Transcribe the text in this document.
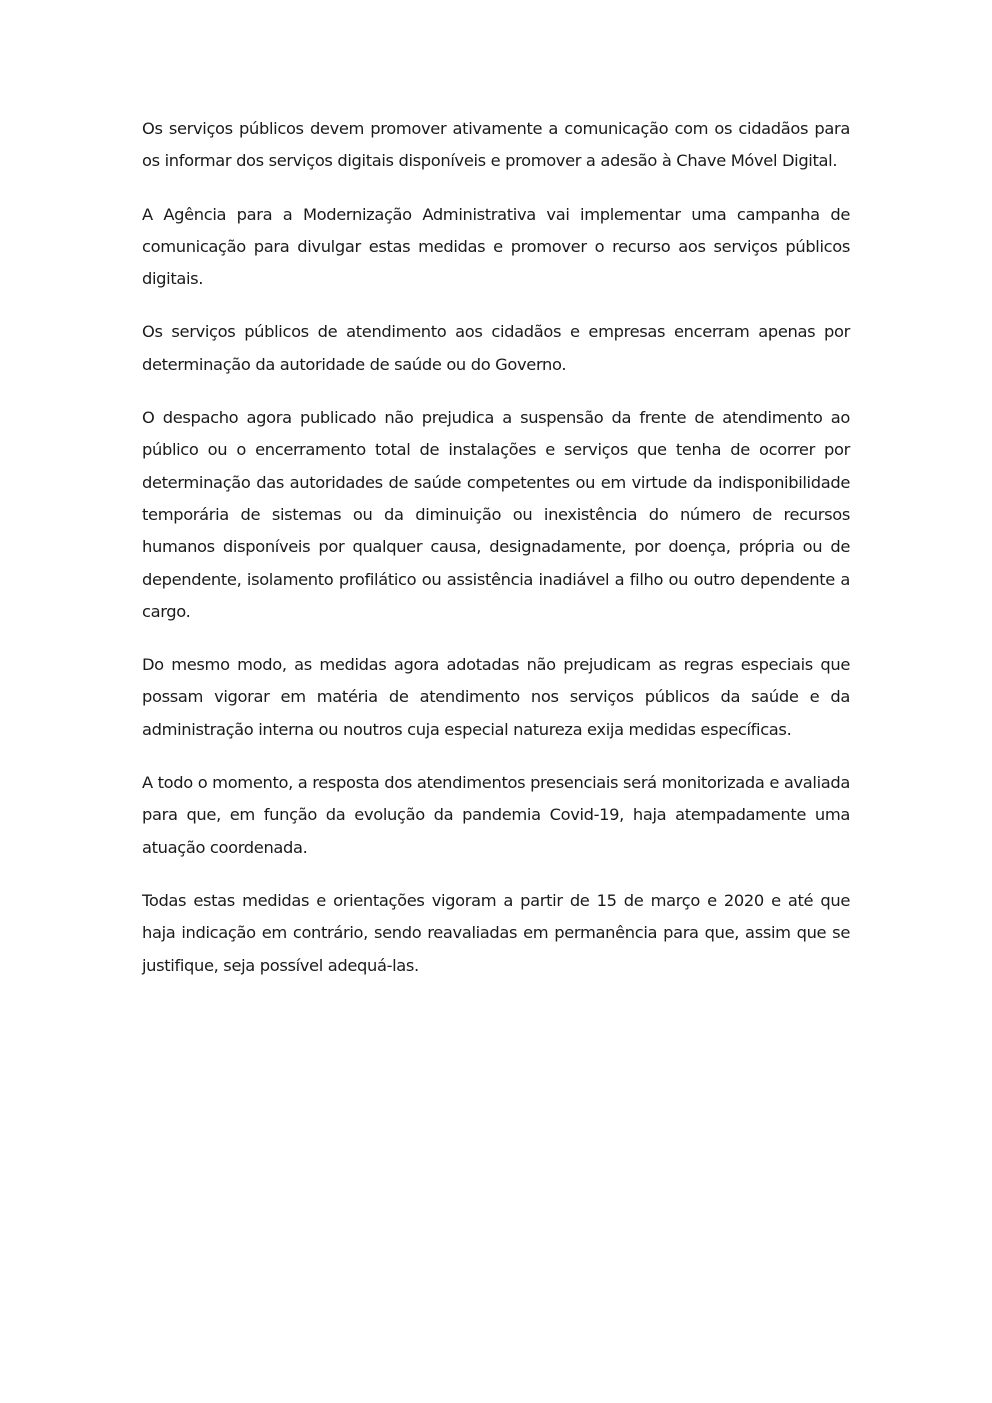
Os serviços públicos devem promover ativamente a comunicação com os cidadãos para os informar dos serviços digitais disponíveis e promover a adesão à Chave Móvel Digital.

A Agência para a Modernização Administrativa vai implementar uma campanha de comunicação para divulgar estas medidas e promover o recurso aos serviços públicos digitais.

Os serviços públicos de atendimento aos cidadãos e empresas encerram apenas por determinação da autoridade de saúde ou do Governo.

O despacho agora publicado não prejudica a suspensão da frente de atendimento ao público ou o encerramento total de instalações e serviços que tenha de ocorrer por determinação das autoridades de saúde competentes ou em virtude da indisponibilidade temporária de sistemas ou da diminuição ou inexistência do número de recursos humanos disponíveis por qualquer causa, designadamente, por doença, própria ou de dependente, isolamento profilático ou assistência inadiável a filho ou outro dependente a cargo.

Do mesmo modo, as medidas agora adotadas não prejudicam as regras especiais que possam vigorar em matéria de atendimento nos serviços públicos da saúde e da administração interna ou noutros cuja especial natureza exija medidas específicas.

A todo o momento, a resposta dos atendimentos presenciais será monitorizada e avaliada para que, em função da evolução da pandemia Covid-19, haja atempadamente uma atuação coordenada.

Todas estas medidas e orientações vigoram a partir de 15 de março e 2020 e até que haja indicação em contrário, sendo reavaliadas em permanência para que, assim que se justifique, seja possível adequá-las.
